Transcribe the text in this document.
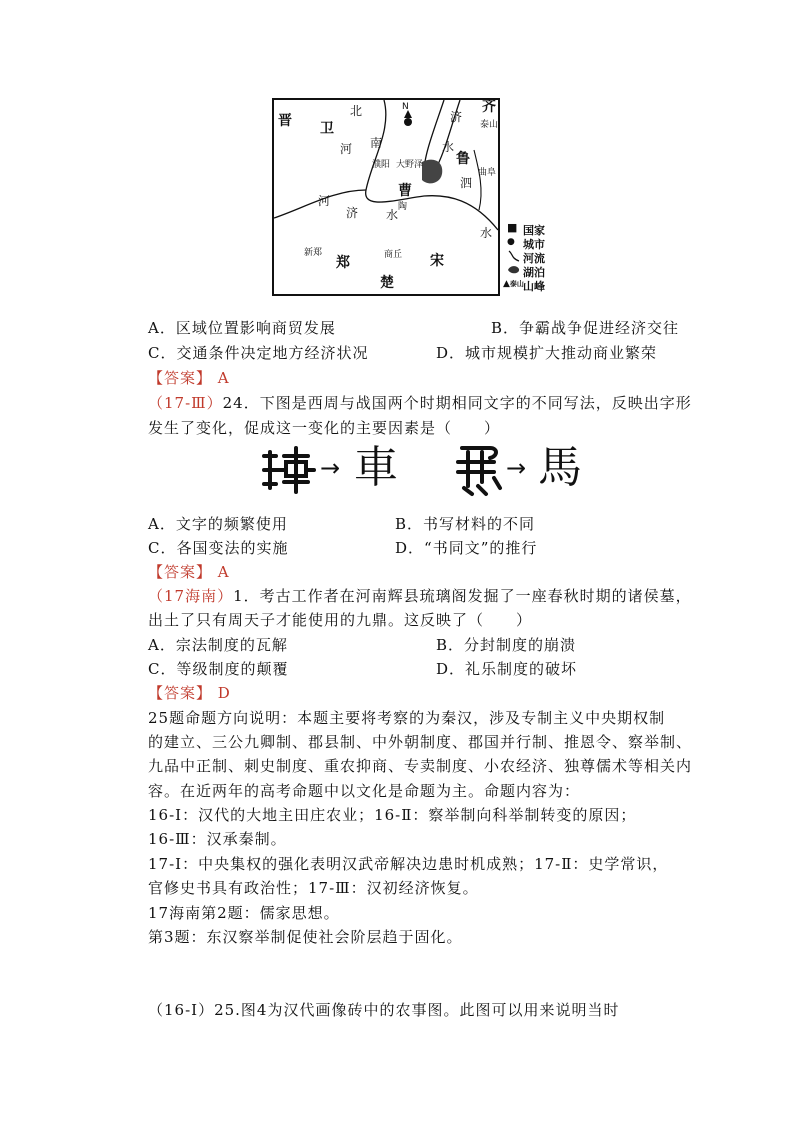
N
晋 卫
北
南
河
濮阳 大野泽
济
水
齐
泰山
鲁
曲阜
泗
曹
陶
河
济 水
水
新郑
郑	商丘 宋
楚
■ 国家
● 城市
河流
湖泊
▲泰山 山峰
A．区域位置影响商贸发展	B．争霸战争促进经济交往
C．交通条件决定地方经济状况	D．城市规模扩大推动商业繁荣
【答案】 A
（17-Ⅲ）24．下图是西周与战国两个时期相同文字的不同写法，反映出字形
发生了变化，促成这一变化的主要因素是（　　）
→ 車	→ 馬
A．文字的频繁使用	B．书写材料的不同
C．各国变法的实施	D．“书同文”的推行
【答案】 A
（17海南）1．考古工作者在河南辉县琉璃阁发掘了一座春秋时期的诸侯墓，
出土了只有周天子才能使用的九鼎。这反映了（　　）
A．宗法制度的瓦解	B．分封制度的崩溃
C．等级制度的颠覆	D．礼乐制度的破坏
【答案】 D
25题命题方向说明：本题主要将考察的为秦汉，涉及专制主义中央期权制
的建立、三公九卿制、郡县制、中外朝制度、郡国并行制、推恩令、察举制、
九品中正制、刺史制度、重农抑商、专卖制度、小农经济、独尊儒术等相关内
容。在近两年的高考命题中以文化是命题为主。命题内容为：
16-Ⅰ：汉代的大地主田庄农业；16-Ⅱ：察举制向科举制转变的原因；
16-Ⅲ：汉承秦制。
17-Ⅰ：中央集权的强化表明汉武帝解决边患时机成熟；17-Ⅱ：史学常识，
官修史书具有政治性；17-Ⅲ：汉初经济恢复。
17海南第2题：儒家思想。
第3题：东汉察举制促使社会阶层趋于固化。
（16-Ⅰ）25.图4为汉代画像砖中的农事图。此图可以用来说明当时
